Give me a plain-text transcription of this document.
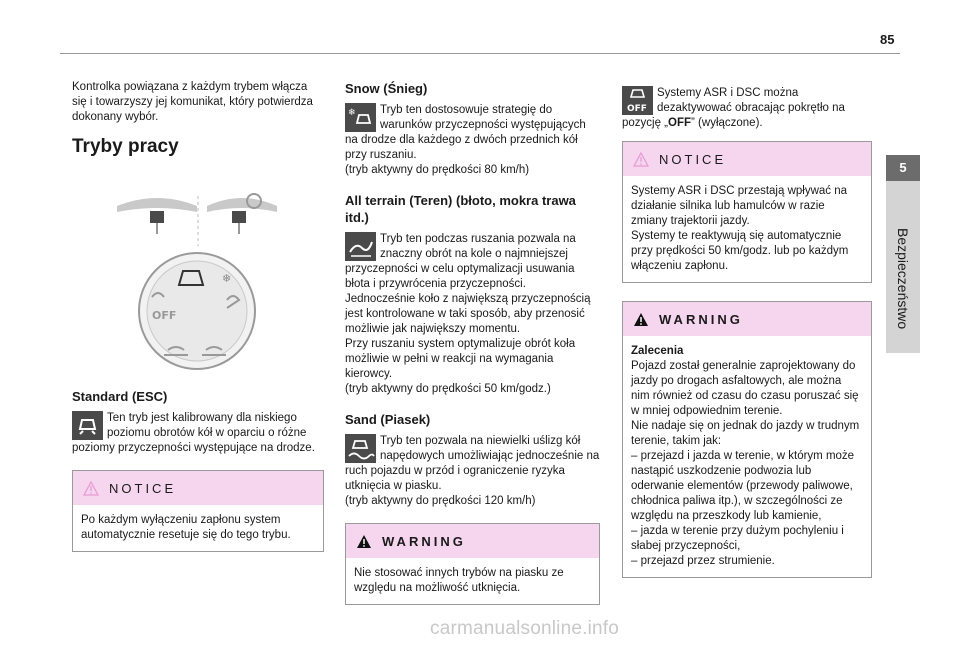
85
5
Bezpieczeństwo

Kontrolka powiązana z każdym trybem włącza się i towarzyszy jej komunikat, który potwierdza dokonany wybór.

Tryby pracy
❄
OFF
Standard (ESC)

Ten tryb jest kalibrowany dla niskiego poziomu obrotów kół w oparciu o różne poziomy przyczepności występujące na drodze.

NOTICE
Po każdym wyłączeniu zapłonu system automatycznie resetuje się do tego trybu.
Snow (Śnieg)
❄	Tryb ten dostosowuje strategię do warunków przyczepności występujących na drodze dla każdego z dwóch przednich kół przy ruszaniu.

(tryb aktywny do prędkości 80 km/h)

All terrain (Teren) (błoto, mokra trawa itd.)

Tryb ten podczas ruszania pozwala na znaczny obrót na kole o najmniejszej przyczepności w celu optymalizacji usuwania błota i przywrócenia przyczepności.

Jednocześnie koło z największą przyczepnością jest kontrolowane w taki sposób, aby przenosić możliwie jak największy momentu.

Przy ruszaniu system optymalizuje obrót koła możliwie w pełni w reakcji na wymagania kierowcy.

(tryb aktywny do prędkości 50 km/godz.)

Sand (Piasek)

Tryb ten pozwala na niewielki uślizg kół napędowych umożliwiając jednocześnie na ruch pojazdu w przód i ograniczenie ryzyka utknięcia w piasku.

(tryb aktywny do prędkości 120 km/h)

WARNING
Nie stosować innych trybów na piasku ze względu na możliwość utknięcia.
OFF

Systemy ASR i DSC można dezaktywować obracając pokrętło na pozycję „OFF” (wyłączone).

NOTICE

Systemy ASR i DSC przestają wpływać na działanie silnika lub hamulców w razie zmiany trajektorii jazdy.

Systemy te reaktywują się automatycznie przy prędkości 50 km/godz. lub po każdym włączeniu zapłonu.

WARNING

Zalecenia

Pojazd został generalnie zaprojektowany do jazdy po drogach asfaltowych, ale można nim również od czasu do czasu poruszać się w mniej odpowiednim terenie.

Nie nadaje się on jednak do jazdy w trudnym terenie, takim jak:

– przejazd i jazda w terenie, w którym może nastąpić uszkodzenie podwozia lub oderwanie elementów (przewody paliwowe, chłodnica paliwa itp.), w szczególności ze względu na przeszkody lub kamienie,

– jazda w terenie przy dużym pochyleniu i słabej przyczepności,

– przejazd przez strumienie.

carmanualsonline.info
